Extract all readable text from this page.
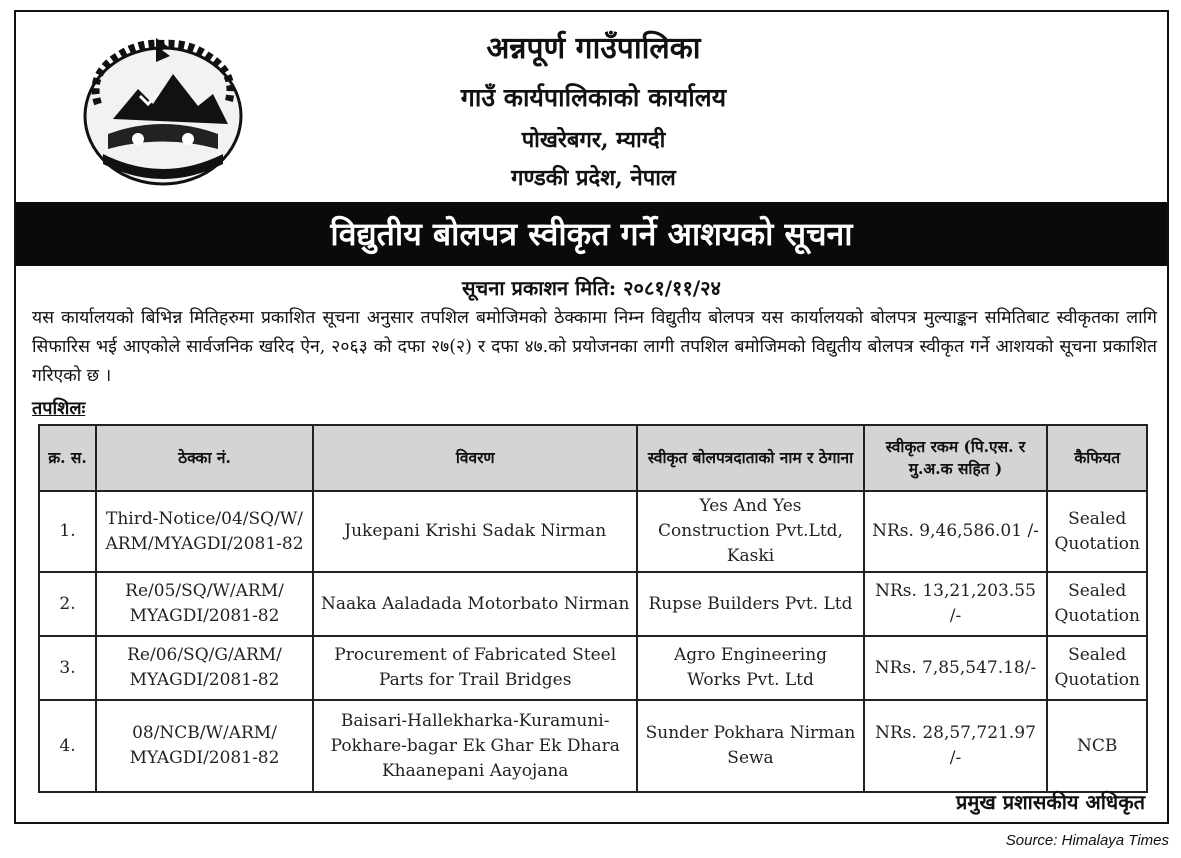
अन्नपूर्ण गाउँपालिका
गाउँ कार्यपालिकाको कार्यालय
पोखरेबगर, म्याग्दी
गण्डकी प्रदेश, नेपाल
विद्युतीय बोलपत्र स्वीकृत गर्ने आशयको सूचना
सूचना प्रकाशन मिति: २०८१/११/२४
यस कार्यालयको बिभिन्न मितिहरुमा प्रकाशित सूचना अनुसार तपशिल बमोजिमको ठेक्कामा निम्न विद्युतीय बोलपत्र यस कार्यालयको बोलपत्र मुल्याङ्कन समितिबाट स्वीकृतका लागि सिफारिस भई आएकोले सार्वजनिक खरिद ऐन, २०६३ को दफा २७(२) र दफा ४७.को प्रयोजनका लागी तपशिल बमोजिमको विद्युतीय बोलपत्र स्वीकृत गर्ने आशयको सूचना प्रकाशित गरिएको छ ।
तपशिलः
क्र. स.	ठेक्का नं.	विवरण	स्वीकृत बोलपत्रदाताको नाम र ठेगाना	स्वीकृत रकम (पि.एस. र मु.अ.क सहित )	कैफियत
1.	Third-Notice/04/SQ/W/ ARM/MYAGDI/2081-82	Jukepani Krishi Sadak Nirman	Yes And Yes Construction Pvt.Ltd, Kaski	NRs. 9,46,586.01 /-	Sealed Quotation
2.	Re/05/SQ/W/ARM/ MYAGDI/2081-82	Naaka Aaladada Motorbato Nirman	Rupse Builders Pvt. Ltd	NRs. 13,21,203.55 /-	Sealed Quotation
3.	Re/06/SQ/G/ARM/ MYAGDI/2081-82	Procurement of Fabricated Steel Parts for Trail Bridges	Agro Engineering Works Pvt. Ltd	NRs. 7,85,547.18/-	Sealed Quotation
4.	08/NCB/W/ARM/ MYAGDI/2081-82	Baisari-Hallekharka-Kuramuni-Pokhare-bagar Ek Ghar Ek Dhara Khaanepani Aayojana	Sunder Pokhara Nirman Sewa	NRs. 28,57,721.97 /-	NCB
प्रमुख प्रशासकीय अधिकृत
Source: Himalaya Times
